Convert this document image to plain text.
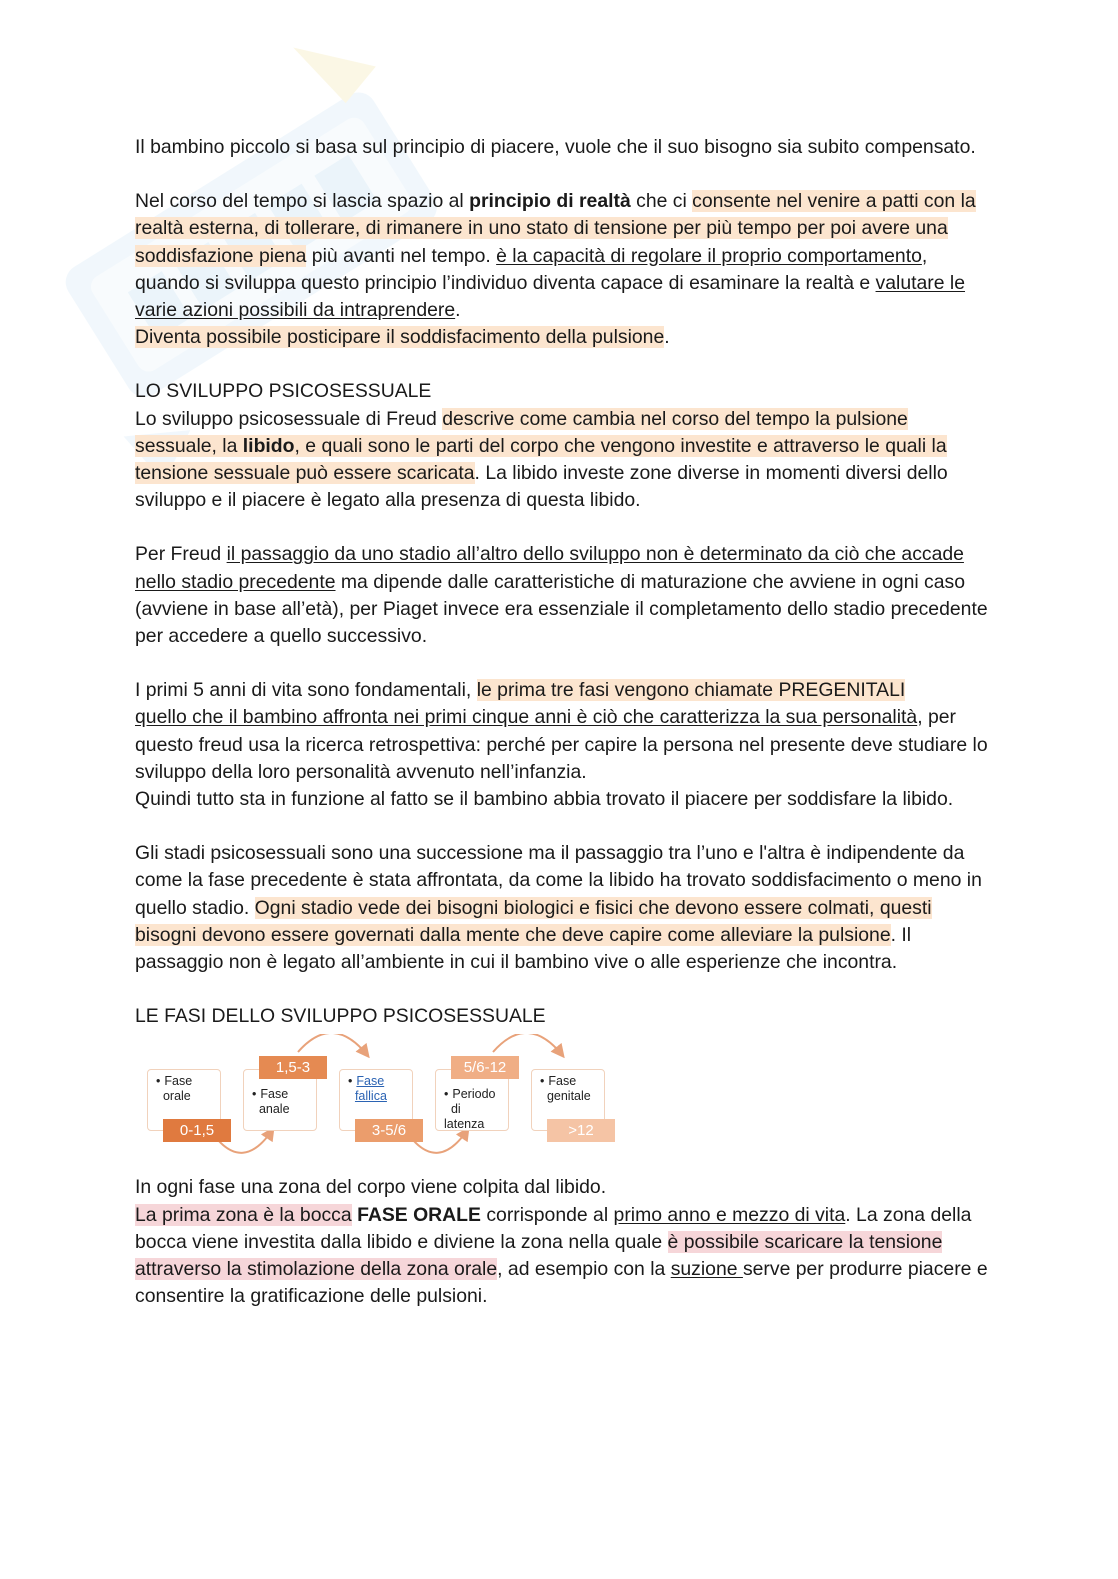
Il bambino piccolo si basa sul principio di piacere, vuole che il suo bisogno sia subito compensato.

Nel corso del tempo si lascia spazio al principio di realtà che ci consente nel venire a patti con la realtà esterna, di tollerare, di rimanere in uno stato di tensione per più tempo per poi avere una soddisfazione piena più avanti nel tempo. è la capacità di regolare il proprio comportamento, quando si sviluppa questo principio l’individuo diventa capace di esaminare la realtà e valutare le varie azioni possibili da intraprendere.
Diventa possibile posticipare il soddisfacimento della pulsione.

LO SVILUPPO PSICOSESSUALE

Lo sviluppo psicosessuale di Freud descrive come cambia nel corso del tempo la pulsione sessuale, la libido, e quali sono le parti del corpo che vengono investite e attraverso le quali la tensione sessuale può essere scaricata. La libido investe zone diverse in momenti diversi dello sviluppo e il piacere è legato alla presenza di questa libido.

Per Freud il passaggio da uno stadio all’altro dello sviluppo non è determinato da ciò che accade nello stadio precedente ma dipende dalle caratteristiche di maturazione che avviene in ogni caso (avviene in base all’età), per Piaget invece era essenziale il completamento dello stadio precedente per accedere a quello successivo.

I primi 5 anni di vita sono fondamentali, le prima tre fasi vengono chiamate PREGENITALI
quello che il bambino affronta nei primi cinque anni è ciò che caratterizza la sua personalità, per questo freud usa la ricerca retrospettiva: perché per capire la persona nel presente deve studiare lo sviluppo della loro personalità avvenuto nell’infanzia.
Quindi tutto sta in funzione al fatto se il bambino abbia trovato il piacere per soddisfare la libido.

Gli stadi psicosessuali sono una successione ma il passaggio tra l’uno e l'altra è indipendente da come la fase precedente è stata affrontata, da come la libido ha trovato soddisfacimento o meno in quello stadio. Ogni stadio vede dei bisogni biologici e fisici che devono essere colmati, questi bisogni devono essere governati dalla mente che deve capire come alleviare la pulsione. Il passaggio non è legato all’ambiente in cui il bambino vive o alle esperienze che incontra.

LE FASI DELLO SVILUPPO PSICOSESSUALE

• Fase
orale
0-1,5
• Fase
anale
1,5-3
• Fase
fallica
3-5/6
• Periodo
di latenza
5/6-12
• Fase
genitale
>12

In ogni fase una zona del corpo viene colpita dal libido.
La prima zona è la bocca FASE ORALE corrisponde al primo anno e mezzo di vita. La zona della bocca viene investita dalla libido e diviene la zona nella quale è possibile scaricare la tensione attraverso la stimolazione della zona orale, ad esempio con la suzione serve per produrre piacere e consentire la gratificazione delle pulsioni.
